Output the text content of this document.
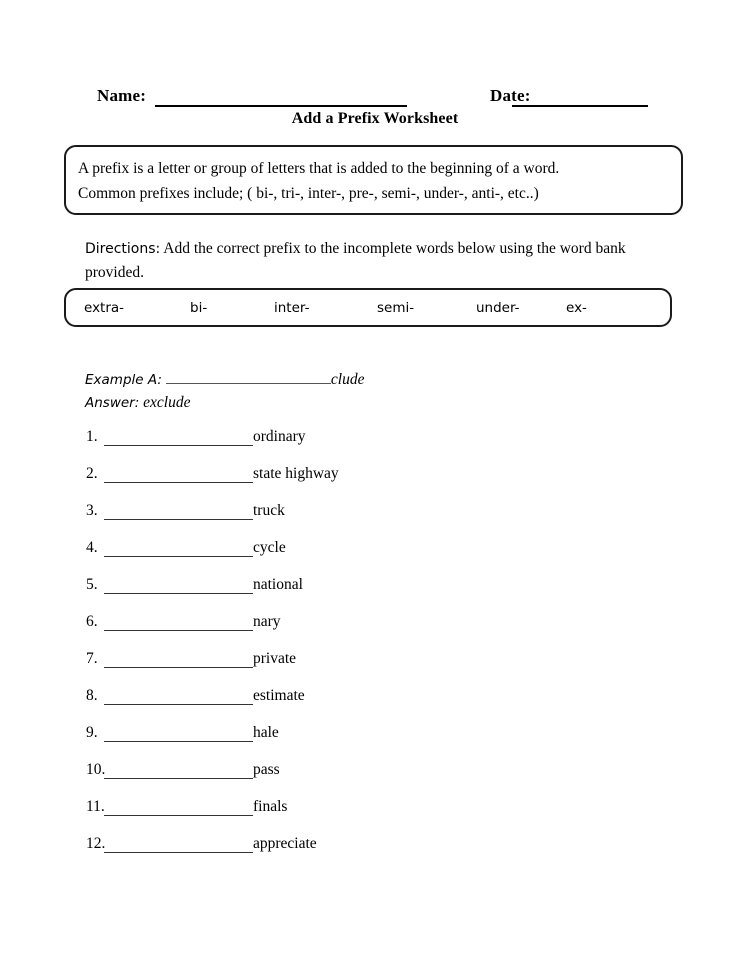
Name:	Date:
Add a Prefix Worksheet
A prefix is a letter or group of letters that is added to the beginning of a word.
Common prefixes include; ( bi-, tri-, inter-, pre-, semi-, under-, anti-, etc..)
Directions: Add the correct prefix to the incomplete words below using the word bank provided.
extra-	bi-	inter-	semi-	under-	ex-
Example A:	clude
Answer: exclude
1.	ordinary
2.	state highway
3.	truck
4.	cycle
5.	national
6.	nary
7.	private
8.	estimate
9.	hale
10.	pass
11.	finals
12.	appreciate
